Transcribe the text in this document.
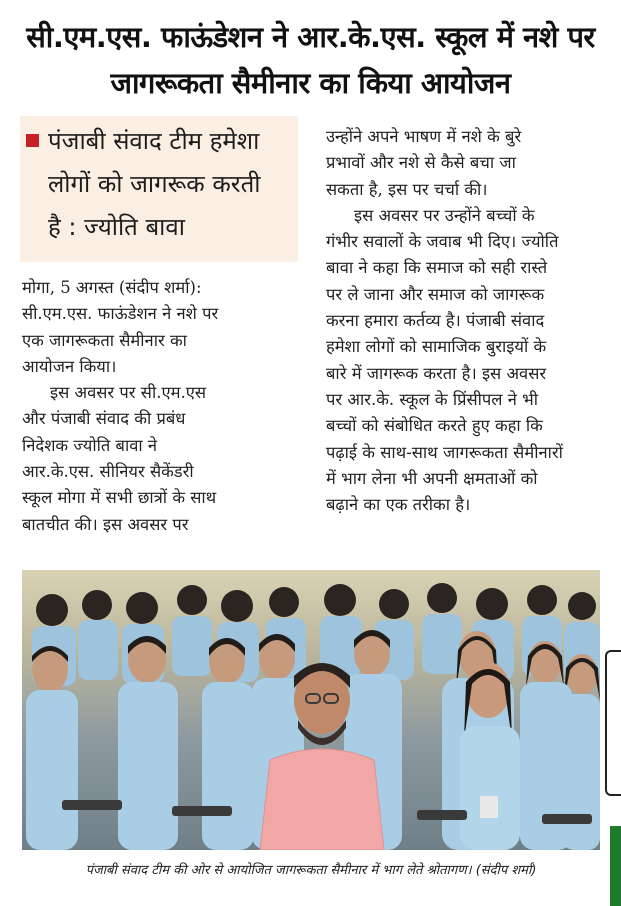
सी.एम.एस. फाऊंडेशन ने आर.के.एस. स्कूल में नशे पर
जागरूकता सैमीनार का किया आयोजन
पंजाबी संवाद टीम हमेशा
लोगों को जागरूक करती
है : ज्योति बावा
मोगा, 5 अगस्त (संदीप शर्मा):
सी.एम.एस. फाऊंडेशन ने नशे पर
एक जागरूकता सैमीनार का
आयोजन किया।
इस अवसर पर सी.एम.एस
और पंजाबी संवाद की प्रबंध
निदेशक ज्योति बावा ने
आर.के.एस. सीनियर सैकेंडरी
स्कूल मोगा में सभी छात्रों के साथ
बातचीत की। इस अवसर पर
उन्होंने अपने भाषण में नशे के बुरे
प्रभावों और नशे से कैसे बचा जा
सकता है, इस पर चर्चा की।
इस अवसर पर उन्होंने बच्चों के
गंभीर सवालों के जवाब भी दिए। ज्योति
बावा ने कहा कि समाज को सही रास्ते
पर ले जाना और समाज को जागरूक
करना हमारा कर्तव्य है। पंजाबी संवाद
हमेशा लोगों को सामाजिक बुराइयों के
बारे में जागरूक करता है। इस अवसर
पर आर.के. स्कूल के प्रिंसीपल ने भी
बच्चों को संबोधित करते हुए कहा कि
पढ़ाई के साथ-साथ जागरूकता सैमीनारों
में भाग लेना भी अपनी क्षमताओं को
बढ़ाने का एक तरीका है।
पंजाबी संवाद टीम की ओर से आयोजित जागरूकता सैमीनार में भाग लेते श्रोतागण। (संदीप शर्मा)
